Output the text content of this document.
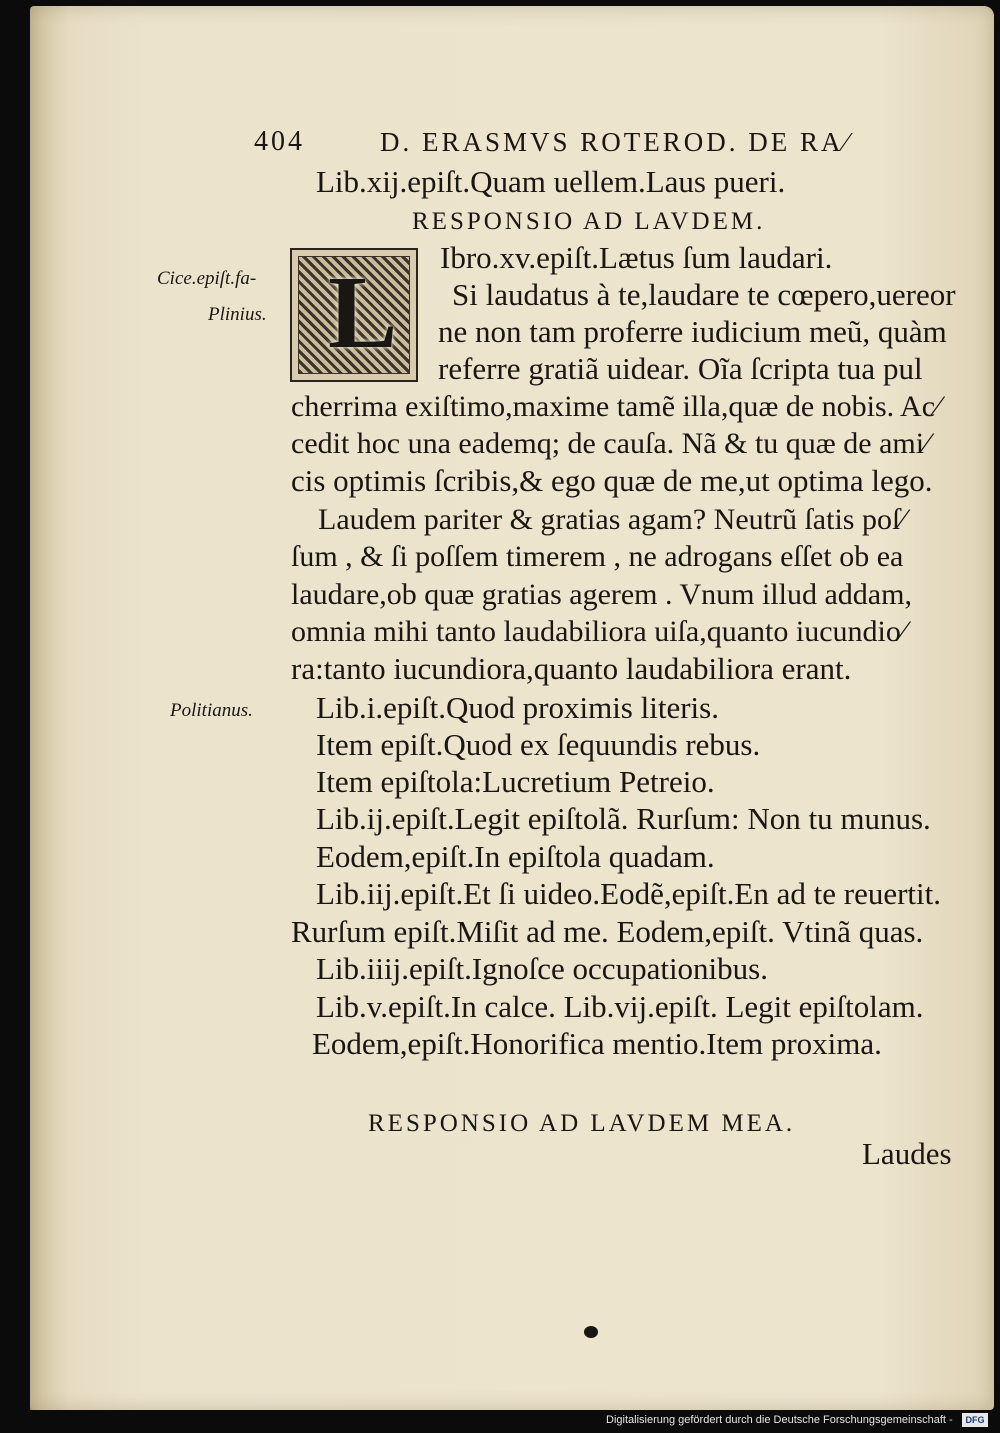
404	D. ERASMVS ROTEROD. DE RA⁄
Cice.epiſt.fa-
Plinius.
Politianus.
L
Lib.xij.epiſt.Quam uellem.Laus pueri.
RESPONSIO AD LAVDEM.
Ibro.xv.epiſt.Lætus ſum laudari.
Si laudatus à te,laudare te cœpero,uereor
ne non tam proferre iudicium meũ, quàm
referre gratiã uidear. Oĩa ſcripta tua pul
cherrima exiſtimo,maxime tamẽ illa,quæ de nobis. Ac⁄
cedit hoc una eademq; de cauſa. Nã & tu quæ de ami⁄
cis optimis ſcribis,& ego quæ de me,ut optima lego.
Laudem pariter & gratias agam? Neutrũ ſatis poſ⁄
ſum , & ſi poſſem timerem , ne adrogans eſſet ob ea
laudare,ob quæ gratias agerem . Vnum illud addam,
omnia mihi tanto laudabiliora uiſa,quanto iucundio⁄
ra:tanto iucundiora,quanto laudabiliora erant.
Lib.i.epiſt.Quod proximis literis.
Item epiſt.Quod ex ſequundis rebus.
Item epiſtola:Lucretium Petreio.
Lib.ij.epiſt.Legit epiſtolã. Rurſum: Non tu munus.
Eodem,epiſt.In epiſtola quadam.
Lib.iij.epiſt.Et ſi uideo.Eodẽ,epiſt.En ad te reuertit.
Rurſum epiſt.Miſit ad me. Eodem,epiſt. Vtinã quas.
Lib.iiij.epiſt.Ignoſce occupationibus.
Lib.v.epiſt.In calce. Lib.vij.epiſt. Legit epiſtolam.
Eodem,epiſt.Honorifica mentio.Item proxima.
RESPONSIO AD LAVDEM MEA.
Laudes
Digitalisierung gefördert durch die Deutsche Forschungsgemeinschaft -	DFG
